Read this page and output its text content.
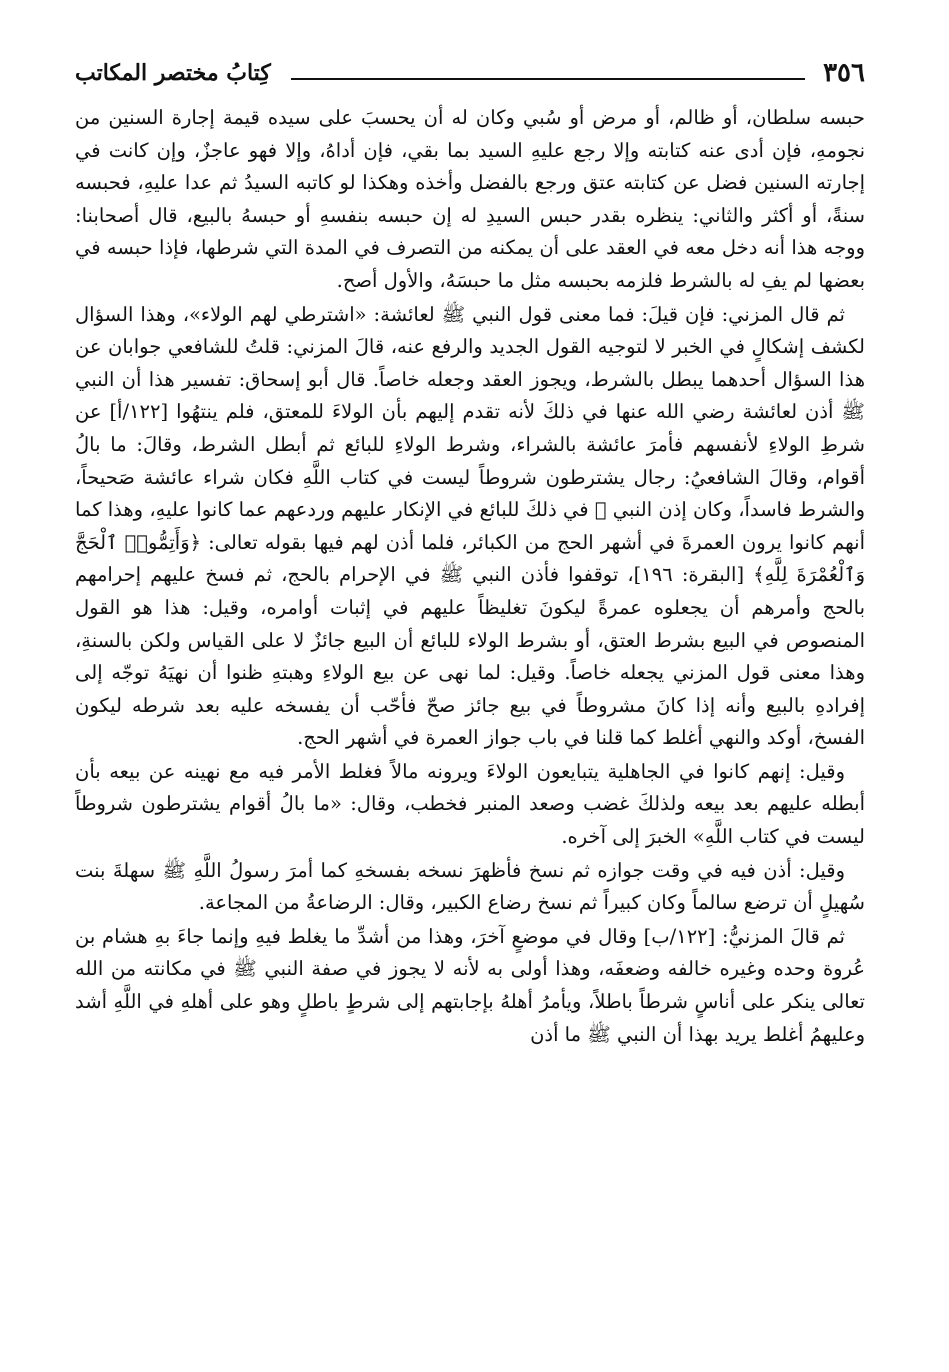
٣٥٦
كِتابُ مختصر المكاتب

حبسه سلطان، أو ظالم، أو مرض أو سُبي وكان له أن يحسبَ على سيده قيمة إجارة السنين من نجومهِ، فإن أدى عنه كتابته وإلا رجع عليهِ السيد بما بقي، فإن أداهُ، وإلا فهو عاجزٌ، وإن كانت في إجارته السنين فضل عن كتابته عتق ورجع بالفضل وأخذه وهكذا لو كاتبه السيدُ ثم عدا عليهِ، فحبسه سنةً، أو أكثر والثاني: ينظره بقدر حبس السيدِ له إن حبسه بنفسهِ أو حبسهُ بالبيع، قال أصحابنا: ووجه هذا أنه دخل معه في العقد على أن يمكنه من التصرف في المدة التي شرطها، فإذا حبسه في بعضها لم يفِ له بالشرط فلزمه بحبسه مثل ما حبسَهُ، والأول أصح.

ثم قال المزني: فإن قيلَ: فما معنى قول النبي ﷺ لعائشة: «اشترطي لهم الولاء»، وهذا السؤال لكشف إشكالٍ في الخبر لا لتوجيه القول الجديد والرفع عنه، قالَ المزني: قلتُ للشافعي جوابان عن هذا السؤال أحدهما يبطل بالشرط، ويجوز العقد وجعله خاصاً. قال أبو إسحاق: تفسير هذا أن النبي ﷺ أذن لعائشة رضي الله عنها في ذلكَ لأنه تقدم إليهم بأن الولاءَ للمعتق، فلم ينتهُوا [١٢٢/أ] عن شرطِ الولاءِ لأنفسهم فأمرَ عائشة بالشراء، وشرط الولاءِ للبائع ثم أبطل الشرط، وقالَ: ما بالُ أقوام، وقالَ الشافعيُ: رجال يشترطون شروطاً ليست في كتاب اللَّهِ فكان شراء عائشة صَحيحاً، والشرط فاسداً، وكان إذن النبي ﷺ في ذلكَ للبائع في الإنكار عليهم وردعهم عما كانوا عليهِ، وهذا كما أنهم كانوا يرون العمرةَ في أشهر الحج من الكبائر، فلما أذن لهم فيها بقوله تعالى: ﴿وَأَتِمُّوا۟ ٱلْحَجَّ وَٱلْعُمْرَةَ لِلَّهِ﴾ [البقرة: ١٩٦]، توقفوا فأذن النبي ﷺ في الإحرام بالحج، ثم فسخ عليهم إحرامهم بالحج وأمرهم أن يجعلوه عمرةً ليكونَ تغليظاً عليهم في إثبات أوامره، وقيل: هذا هو القول المنصوص في البيع بشرط العتق، أو بشرط الولاء للبائع أن البيع جائزٌ لا على القياس ولكن بالسنةِ، وهذا معنى قول المزني يجعله خاصاً. وقيل: لما نهى عن بيع الولاءِ وهبتهِ ظنوا أن نهيَهُ توجّه إلى إفرادهِ بالبيع وأنه إذا كانَ مشروطاً في بيع جائز صحّ فأحّب أن يفسخه عليه بعد شرطه ليكون الفسخ، أوكد والنهي أغلط كما قلنا في باب جواز العمرة في أشهر الحج.

وقيل: إنهم كانوا في الجاهلية يتبايعون الولاءَ ويرونه مالاً فغلط الأمر فيه مع نهينه عن بيعه بأن أبطله عليهم بعد بيعه ولذلكَ غضب وصعد المنبر فخطب، وقال: «ما بالُ أقوام يشترطون شروطاً ليست في كتاب اللَّهِ» الخبرَ إلى آخره.

وقيل: أذن فيه في وقت جوازه ثم نسخ فأظهرَ نسخه بفسخهِ كما أمرَ رسولُ اللَّهِ ﷺ سهلةَ بنت سُهيلٍ أن ترضع سالماً وكان كبيراً ثم نسخ رضاع الكبير، وقال: الرضاعةُ من المجاعة.

ثم قالَ المزنيُّ: [١٢٢/ب] وقال في موضعٍ آخرَ، وهذا من أشدِّ ما يغلط فيهِ وإنما جاءَ بهِ هشام بن عُروة وحده وغيره خالفه وضعفَه، وهذا أولى به لأنه لا يجوز في صفة النبي ﷺ في مكانته من الله تعالى ينكر على أناسٍ شرطاً باطلاً، ويأمرُ أهلهُ بإجابتهم إلى شرطٍ باطلٍ وهو على أهلهِ في اللَّهِ أشد وعليهمُ أغلط يريد بهذا أن النبي ﷺ ما أذن
